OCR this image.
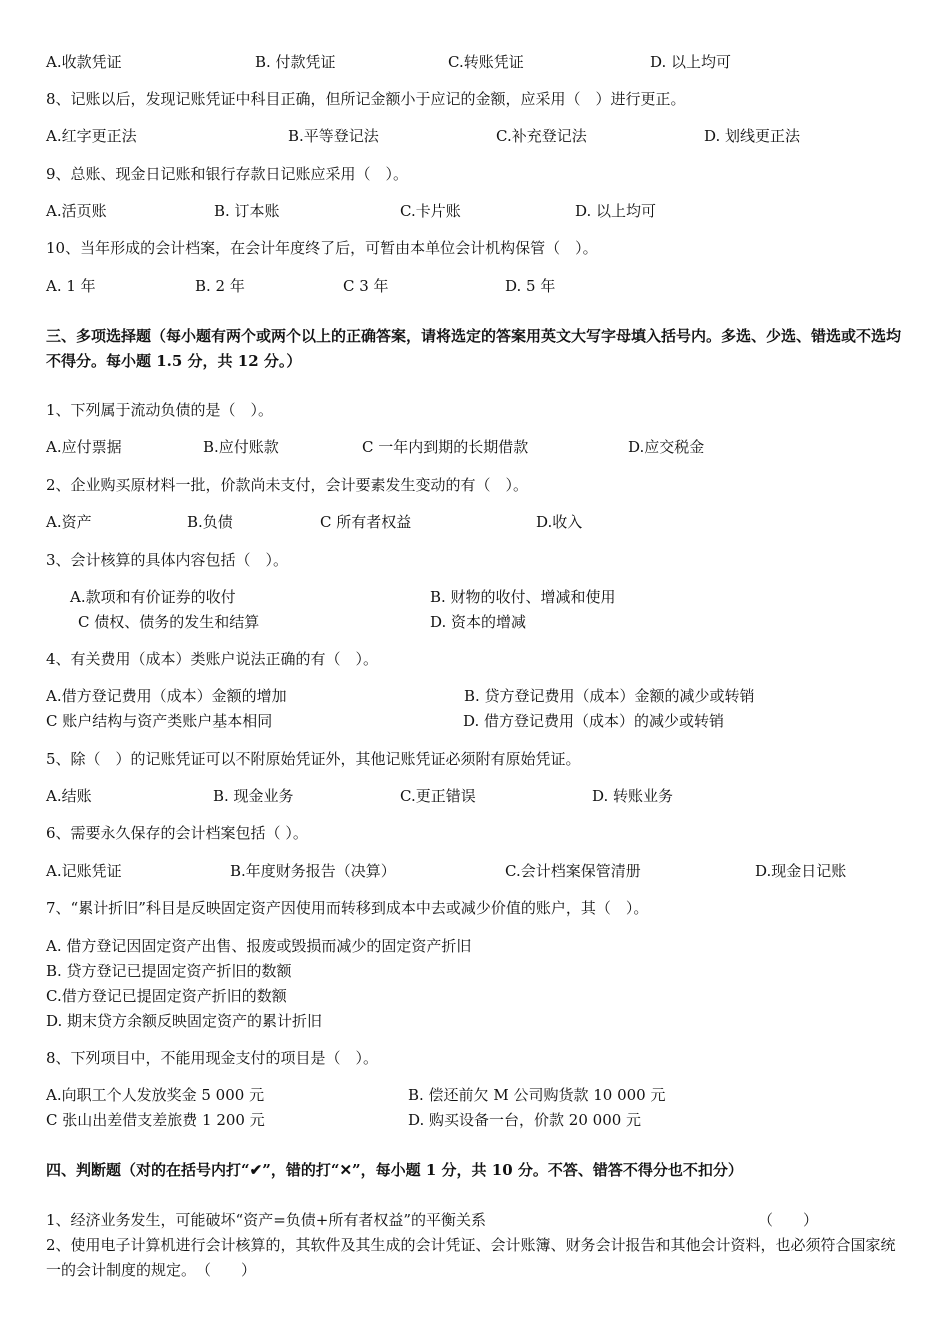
A.收款凭证	B. 付款凭证	C.转账凭证	D. 以上均可
8、记账以后，发现记账凭证中科目正确，但所记金额小于应记的金额，应采用（　）进行更正。
A.红字更正法	B.平等登记法	C.补充登记法	D. 划线更正法
9、总账、现金日记账和银行存款日记账应采用（　）。
A.活页账	B. 订本账	C.卡片账	D. 以上均可
10、当年形成的会计档案，在会计年度终了后，可暂由本单位会计机构保管（　）。
A. 1 年	B. 2 年	C 3 年	D. 5 年
三、多项选择题（每小题有两个或两个以上的正确答案，请将选定的答案用英文大写字母填入括号内。多选、少选、错选或不选均不得分。每小题 1.5 分，共 12 分。）
1、下列属于流动负债的是（　）。
A.应付票据	B.应付账款	C 一年内到期的长期借款	D.应交税金
2、企业购买原材料一批，价款尚未支付，会计要素发生变动的有（　）。
A.资产	B.负债	C 所有者权益	D.收入
3、会计核算的具体内容包括（　）。
A.款项和有价证券的收付	B. 财物的收付、增减和使用
C 债权、债务的发生和结算	D. 资本的增减
4、有关费用（成本）类账户说法正确的有（　）。
A.借方登记费用（成本）金额的增加	B. 贷方登记费用（成本）金额的减少或转销
C 账户结构与资产类账户基本相同	D. 借方登记费用（成本）的减少或转销
5、除（　）的记账凭证可以不附原始凭证外，其他记账凭证必须附有原始凭证。
A.结账	B. 现金业务	C.更正错误	D. 转账业务
6、需要永久保存的会计档案包括（ ）。
A.记账凭证	B.年度财务报告（决算）	C.会计档案保管清册	D.现金日记账
7、“累计折旧”科目是反映固定资产因使用而转移到成本中去或减少价值的账户，其（　）。
A. 借方登记因固定资产出售、报废或毁损而减少的固定资产折旧
B. 贷方登记已提固定资产折旧的数额
C.借方登记已提固定资产折旧的数额
D. 期末贷方余额反映固定资产的累计折旧
8、下列项目中，不能用现金支付的项目是（　）。
A.向职工个人发放奖金 5 000 元	B. 偿还前欠 M 公司购货款 10 000 元
C 张山出差借支差旅费 1 200 元	D. 购买设备一台，价款 20 000 元
四、判断题（对的在括号内打“✔”，错的打“✕”，每小题 1 分，共 10 分。不答、错答不得分也不扣分）
1、经济业务发生，可能破坏“资产=负债+所有者权益”的平衡关系	（　　）
2、使用电子计算机进行会计核算的，其软件及其生成的会计凭证、会计账簿、财务会计报告和其他会计资料，也必须符合国家统一的会计制度的规定。　（　　）
